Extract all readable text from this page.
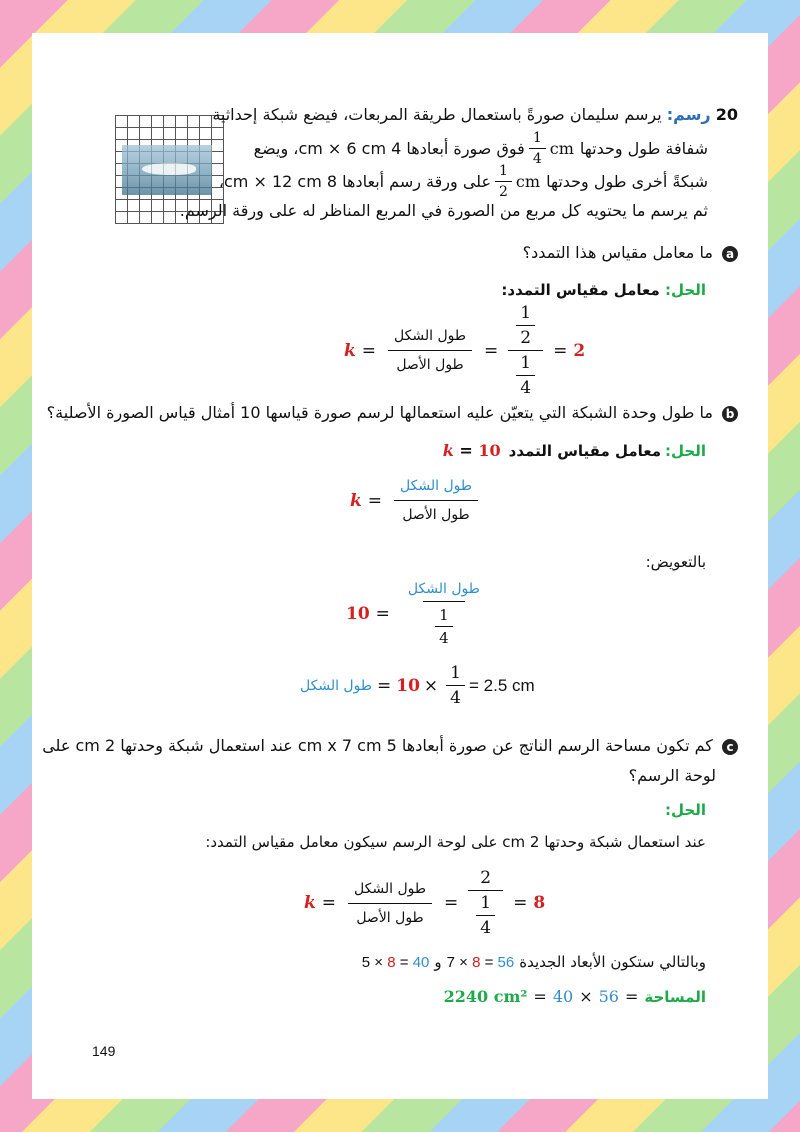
20 رسم: يرسم سليمان صورةً باستعمال طريقة المربعات، فيضع شبكة إحداثية
شفافة طول وحدتها
cm
$\frac{1}{4}$
فوق صورة أبعادها 4 cm × 6 cm، ويضع
شبكةً أخرى طول وحدتها
cm
$\frac{1}{2}$
على ورقة رسم أبعادها 8 cm × 12 cm،
ثم يرسم ما يحتويه كل مربع من الصورة في المربع المناظر له على ورقة الرسم.
a ما معامل مقياس هذا التمدد؟
الحل: معامل مقياس التمدد:
$k = \frac{\text{طول الشكل}}{\text{طول الأصل}} = \frac{\frac{1}{2}}{\frac{1}{4}} = 2$
b ما طول وحدة الشبكة التي يتعيّن عليه استعمالها لرسم صورة قياسها 10 أمثال قياس الصورة الأصلية؟
الحل:
معامل مقياس التمدد
k = 10
$k = \frac{\text{طول الشكل}}{\text{طول الأصل}}$
بالتعويض:
$10 = \frac{\text{طول الشكل}}{\frac{1}{4}}$
طول الشكل = $10 \times \frac{1}{4} = 2.5$ cm
c كم تكون مساحة الرسم الناتج عن صورة أبعادها 5 cm x 7 cm عند استعمال شبكة وحدتها 2 cm على
لوحة الرسم؟
الحل:
عند استعمال شبكة وحدتها 2 cm على لوحة الرسم سيكون معامل مقياس التمدد:
$k = \frac{\text{طول الشكل}}{\text{طول الأصل}} = \frac{2}{\frac{1}{4}} = 8$
وبالتالي ستكون الأبعاد الجديدة
7 × 8 = 56
و
5 × 8 = 40
المساحة
2240 cm² = 40 × 56 =
149
